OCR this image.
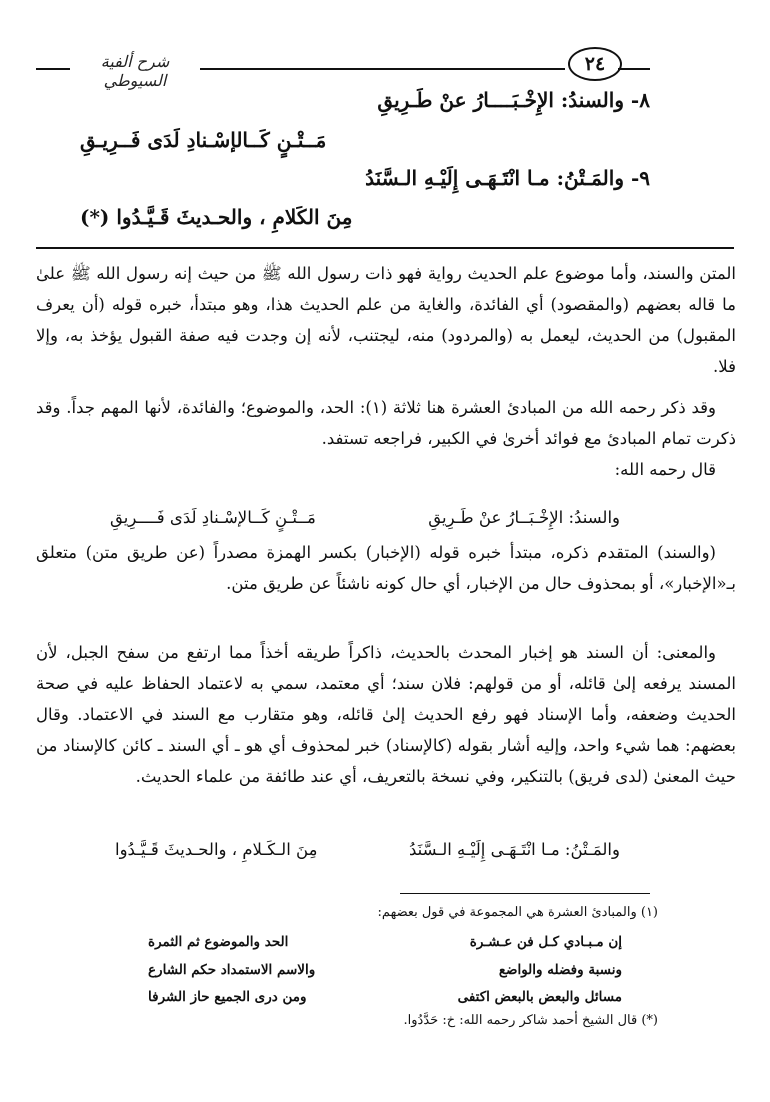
شرح ألفية السيوطي
٢٤
٨- والسندُ: الإِخْـبَــــارُ عنْ طَـرِيقِ
مَــتْـنٍ كَــالإسْـنادِ لَدَى فَــرِيـقِ
٩- والمَـتْنُ: مـا انْتَـهَـى إِلَيْـهِ الـسَّنَدُ
مِنَ الكَلامِ ، والحـديثَ قَـيَّـدُوا (*)

المتن والسند، وأما موضوع علم الحديث رواية فهو ذات رسول الله ﷺ من حيث إنه رسول الله ﷺ علىٰ ما قاله بعضهم (والمقصود) أي الفائدة، والغاية من علم الحديث هذا، وهو مبتدأ، خبره قوله (أن يعرف المقبول) من الحديث، ليعمل به (والمردود) منه، ليجتنب، لأنه إن وجدت فيه صفة القبول يؤخذ به، وإلا فلا.

وقد ذكر رحمه الله من المبادئ العشرة هنا ثلاثة (١): الحد، والموضوع؛ والفائدة، لأنها المهم جداً. وقد ذكرت تمام المبادئ مع فوائد أخرىٰ في الكبير، فراجعه تستفد.

قال رحمه الله:

والسندُ: الإِخْـبَــارُ عنْ طَـرِيقِ
مَــتْـنٍ كَــالإسْـنادِ لَدَى فَــــرِيقِ

(والسند) المتقدم ذكره، مبتدأ خبره قوله (الإخبار) بكسر الهمزة مصدراً (عن طريق متن) متعلق بـ«الإخبار»، أو بمحذوف حال من الإخبار، أي حال كونه ناشئاً عن طريق متن.

والمعنى: أن السند هو إخبار المحدث بالحديث، ذاكراً طريقه أخذاً مما ارتفع من سفح الجبل، لأن المسند يرفعه إلىٰ قائله، أو من قولهم: فلان سند؛ أي معتمد، سمي به لاعتماد الحفاظ عليه في صحة الحديث وضعفه، وأما الإسناد فهو رفع الحديث إلىٰ قائله، وهو متقارب مع السند في الاعتماد. وقال بعضهم: هما شيء واحد، وإليه أشار بقوله (كالإسناد) خبر لمحذوف أي هو ـ أي السند ـ كائن كالإسناد من حيث المعنىٰ (لدى فريق) بالتنكير، وفي نسخة بالتعريف، أي عند طائفة من علماء الحديث.

والمَـتْنُ: مـا انْتَـهَـى إِلَيْـهِ الـسَّنَدُ
مِنَ الـكَـلامِ ، والحـديثَ قَـيَّـدُوا
(١) والمبادئ العشرة هي المجموعة في قول بعضهم:
إن مـبـادي كـل فن عـشـرة
الحد والموضوع ثم الثمرة
ونسبة وفضله والواضع
والاسم الاستمداد حكم الشارع
مسائل والبعض بالبعض اكتفى
ومن درى الجميع حاز الشرفا
(*) قال الشيخ أحمد شاكر رحمه الله: خ: حَدَّدُوا.
